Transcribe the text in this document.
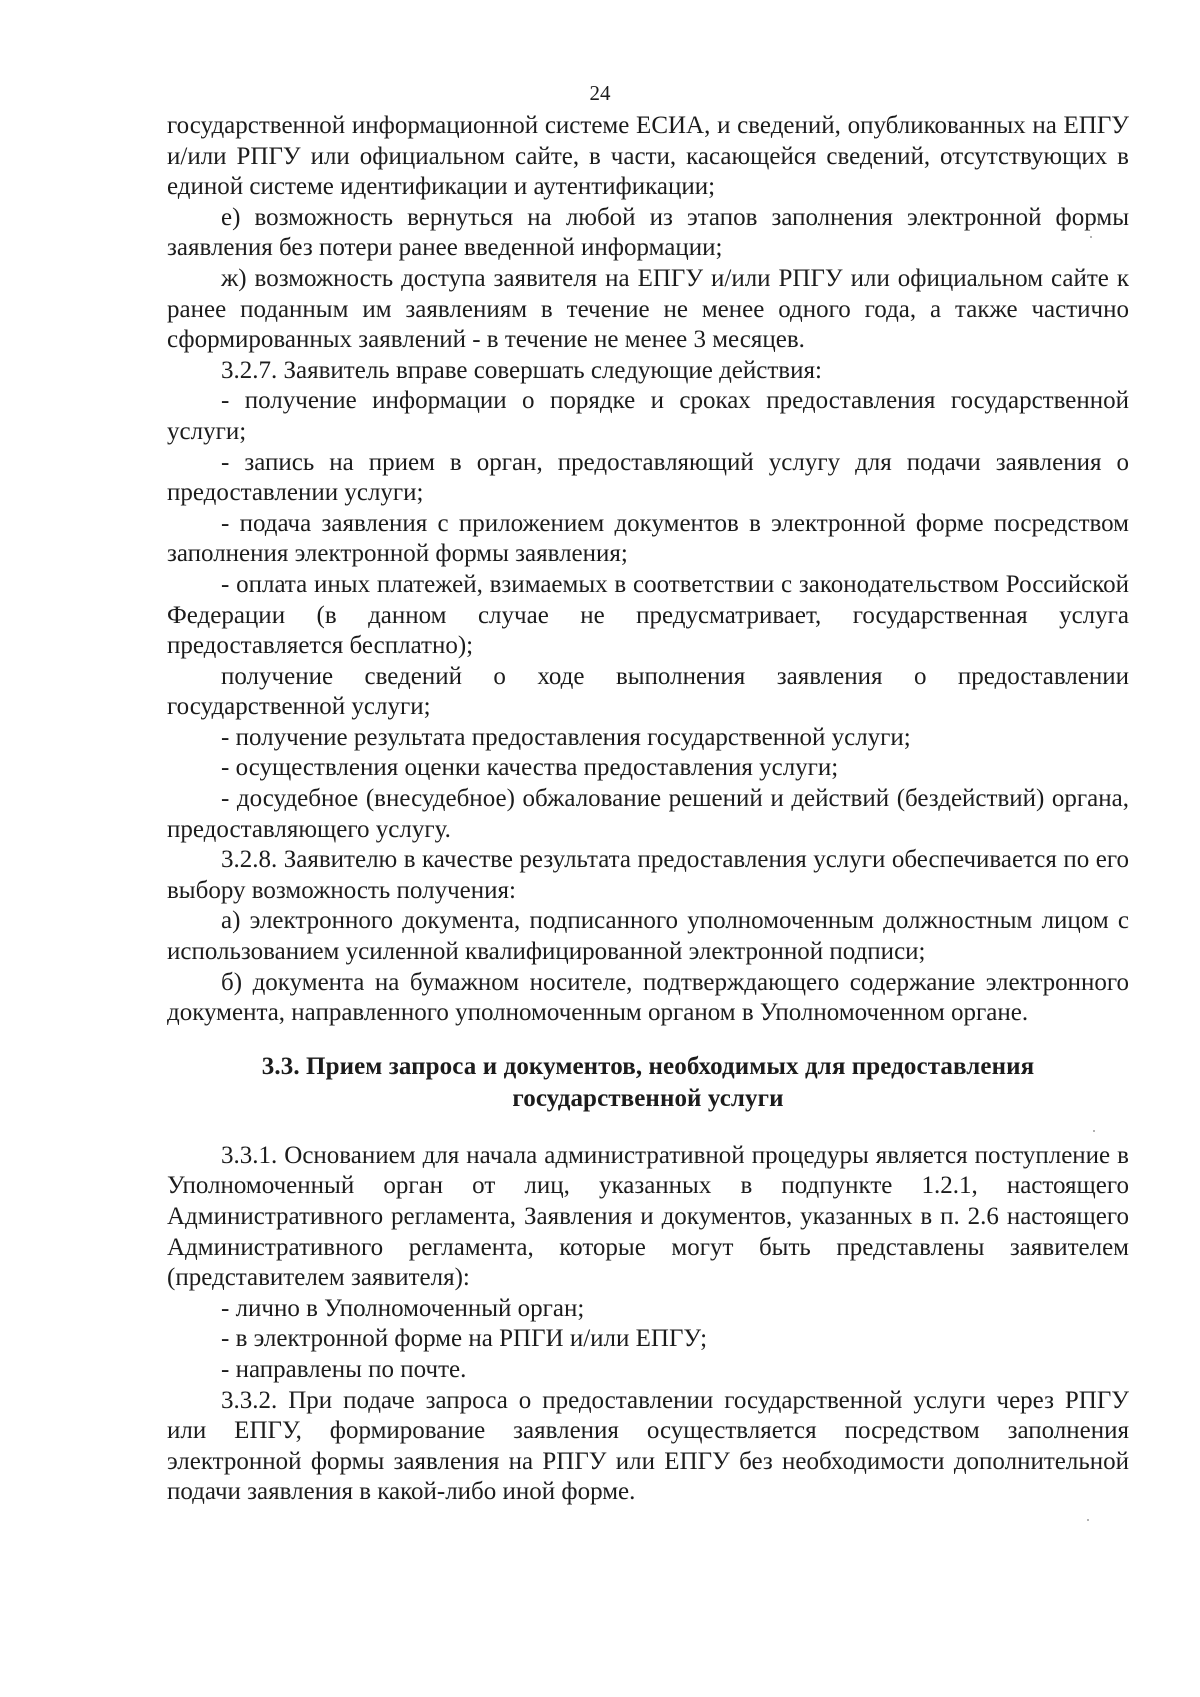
24

государственной информационной системе ЕСИА, и сведений, опубликованных на ЕПГУ и/или РПГУ или официальном сайте, в части, касающейся сведений, отсутствующих в единой системе идентификации и аутентификации;

е) возможность вернуться на любой из этапов заполнения электронной формы заявления без потери ранее введенной информации;

ж) возможность доступа заявителя на ЕПГУ и/или РПГУ или официальном сайте к ранее поданным им заявлениям в течение не менее одного года, а также частично сформированных заявлений - в течение не менее 3 месяцев.

3.2.7. Заявитель вправе совершать следующие действия:

- получение информации о порядке и сроках предоставления государственной услуги;

- запись на прием в орган, предоставляющий услугу для подачи заявления о предоставлении услуги;

- подача заявления с приложением документов в электронной форме посредством заполнения электронной формы заявления;

- оплата иных платежей, взимаемых в соответствии с законодательством Российской Федерации (в данном случае не предусматривает, государственная услуга предоставляется бесплатно);

получение сведений о ходе выполнения заявления о предоставлении государственной услуги;

- получение результата предоставления государственной услуги;

- осуществления оценки качества предоставления услуги;

- досудебное (внесудебное) обжалование решений и действий (бездействий) органа, предоставляющего услугу.

3.2.8. Заявителю в качестве результата предоставления услуги обеспечивается по его выбору возможность получения:

а) электронного документа, подписанного уполномоченным должностным лицом с использованием усиленной квалифицированной электронной подписи;

б) документа на бумажном носителе, подтверждающего содержание электронного документа, направленного уполномоченным органом в Уполномоченном органе.

3.3. Прием запроса и документов, необходимых для предоставления
государственной услуги

3.3.1. Основанием для начала административной процедуры является поступление в Уполномоченный орган от лиц, указанных в подпункте 1.2.1, настоящего Административного регламента, Заявления и документов, указанных в п. 2.6 настоящего Административного регламента, которые могут быть представлены заявителем (представителем заявителя):

- лично в Уполномоченный орган;

- в электронной форме на РПГИ и/или ЕПГУ;

- направлены по почте.

3.3.2. При подаче запроса о предоставлении государственной услуги через РПГУ или ЕПГУ, формирование заявления осуществляется посредством заполнения электронной формы заявления на РПГУ или ЕПГУ без необходимости дополнительной подачи заявления в какой-либо иной форме.
